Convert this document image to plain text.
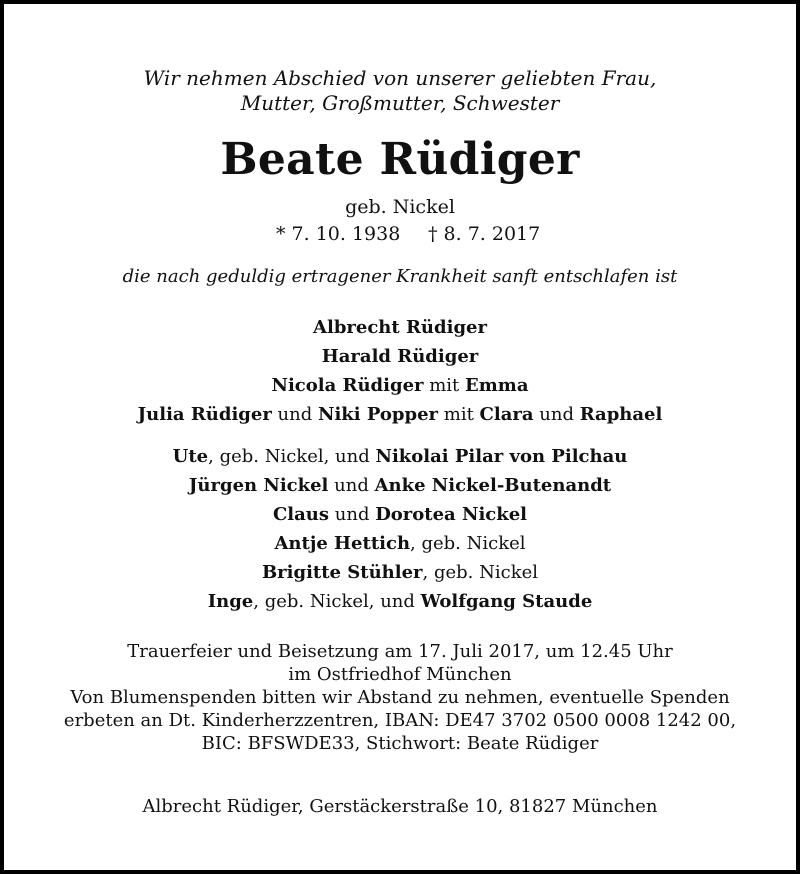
Wir nehmen Abschied von unserer geliebten Frau,
Mutter, Großmutter, Schwester
Beate Rüdiger
geb. Nickel
* 7. 10. 1938 † 8. 7. 2017
die nach geduldig ertragener Krankheit sanft entschlafen ist
Albrecht Rüdiger
Harald Rüdiger
Nicola Rüdiger mit Emma
Julia Rüdiger und Niki Popper mit Clara und Raphael
Ute, geb. Nickel, und Nikolai Pilar von Pilchau
Jürgen Nickel und Anke Nickel-Butenandt
Claus und Dorotea Nickel
Antje Hettich, geb. Nickel
Brigitte Stühler, geb. Nickel
Inge, geb. Nickel, und Wolfgang Staude
Trauerfeier und Beisetzung am 17. Juli 2017, um 12.45 Uhr
im Ostfriedhof München
Von Blumenspenden bitten wir Abstand zu nehmen, eventuelle Spenden
erbeten an Dt. Kinderherzzentren, IBAN: DE47 3702 0500 0008 1242 00,
BIC: BFSWDE33, Stichwort: Beate Rüdiger
Albrecht Rüdiger, Gerstäckerstraße 10, 81827 München
